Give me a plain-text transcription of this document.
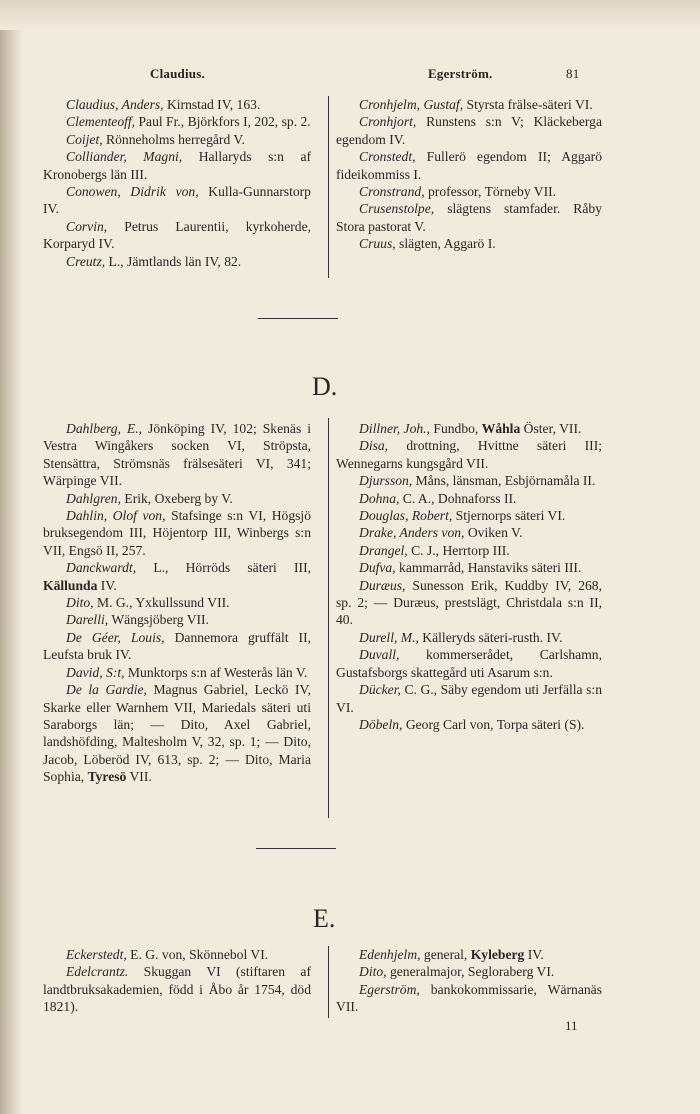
Claudius.	Egerström.	81

Claudius, Anders, Kirnstad IV, 163.

Clementeoff, Paul Fr., Björkfors I, 202, sp. 2.

Coijet, Rönneholms herregård V.

Colliander, Magni, Hallaryds s:n af Kronobergs län III.

Conowen, Didrik von, Kulla-Gunnarstorp IV.

Corvin, Petrus Laurentii, kyrkoherde, Korparyd IV.

Creutz, L., Jämtlands län IV, 82.

Cronhjelm, Gustaf, Styrsta frälse-säteri VI.

Cronhjort, Runstens s:n V; Kläckeberga egendom IV.

Cronstedt, Fullerö egendom II; Aggarö fideikommiss I.

Cronstrand, professor, Törneby VII.

Crusenstolpe, slägtens stamfader. Råby Stora pastorat V.

Cruus, slägten, Aggarö I.

D.

Dahlberg, E., Jönköping IV, 102; Skenäs i Vestra Wingåkers socken VI, Ströpsta, Stensättra, Strömsnäs frälsesäteri VI, 341; Wärpinge VII.

Dahlgren, Erik, Oxeberg by V.

Dahlin, Olof von, Stafsinge s:n VI, Högsjö bruksegendom III, Höjentorp III, Winbergs s:n VII, Engsö II, 257.

Danckwardt, L., Hörröds säteri III, Källunda IV.

Dito, M. G., Yxkullssund VII.

Darelli, Wängsjöberg VII.

De Géer, Louis, Dannemora gruffält II, Leufsta bruk IV.

David, S:t, Munktorps s:n af Westerås län V.

De la Gardie, Magnus Gabriel, Leckö IV, Skarke eller Warnhem VII, Mariedals säteri uti Saraborgs län; — Dito, Axel Gabriel, landshöfding, Maltesholm V, 32, sp. 1; — Dito, Jacob, Löberöd IV, 613, sp. 2; — Dito, Maria Sophia, Tyresö VII.

Dillner, Joh., Fundbo, Wåhla Öster, VII.

Disa, drottning, Hvittne säteri III; Wennegarns kungsgård VII.

Djursson, Måns, länsman, Esbjörnamåla II.

Dohna, C. A., Dohnaforss II.

Douglas, Robert, Stjernorps säteri VI.

Drake, Anders von, Oviken V.

Drangel, C. J., Herrtorp III.

Dufva, kammarråd, Hanstaviks säteri III.

Duræus, Sunesson Erik, Kuddby IV, 268, sp. 2; — Duræus, prestslägt, Christdala s:n II, 40.

Durell, M., Källeryds säteri-rusth. IV.

Duvall, kommerserådet, Carlshamn, Gustafsborgs skattegård uti Asarum s:n.

Dücker, C. G., Säby egendom uti Jerfälla s:n VI.

Döbeln, Georg Carl von, Torpa säteri (S).

E.

Eckerstedt, E. G. von, Skönnebol VI.

Edelcrantz. Skuggan VI (stiftaren af landtbruksakademien, född i Åbo år 1754, död 1821).

Edenhjelm, general, Kyleberg IV.

Dito, generalmajor, Segloraberg VI.

Egerström, bankokommissarie, Wärnanäs VII.

11
